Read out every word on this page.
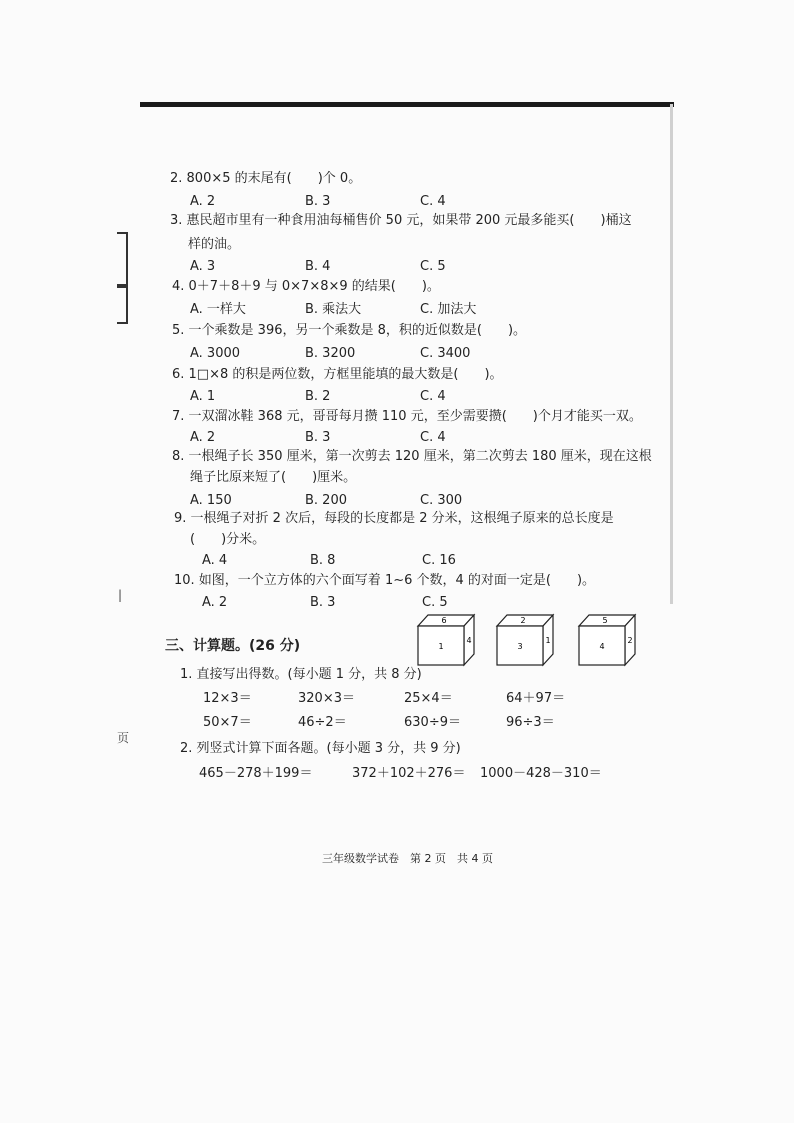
|
页
2. 800×5 的末尾有(　　)个 0。
A. 2	B. 3	C. 4
3. 惠民超市里有一种食用油每桶售价 50 元，如果带 200 元最多能买(　　)桶这
样的油。
A. 3	B. 4	C. 5
4. 0＋7＋8＋9 与 0×7×8×9 的结果(　　)。
A. 一样大	B. 乘法大	C. 加法大
5. 一个乘数是 396，另一个乘数是 8，积的近似数是(　　)。
A. 3000	B. 3200	C. 3400
6. 1□×8 的积是两位数，方框里能填的最大数是(　　)。
A. 1	B. 2	C. 4
7. 一双溜冰鞋 368 元，哥哥每月攒 110 元，至少需要攒(　　)个月才能买一双。
A. 2	B. 3	C. 4
8. 一根绳子长 350 厘米，第一次剪去 120 厘米，第二次剪去 180 厘米，现在这根
绳子比原来短了(　　)厘米。
A. 150	B. 200	C. 300
9. 一根绳子对折 2 次后，每段的长度都是 2 分米，这根绳子原来的总长度是
(　　)分米。
A. 4	B. 8	C. 16
10. 如图，一个立方体的六个面写着 1~6 个数，4 的对面一定是(　　)。
A. 2	B. 3	C. 5
6
1
4
2
3
1
5
4
2
三、计算题。(26 分)
1. 直接写出得数。(每小题 1 分，共 8 分)
12×3＝	320×3＝	25×4＝	64＋97＝
50×7＝	46÷2＝	630÷9＝	96÷3＝
2. 列竖式计算下面各题。(每小题 3 分，共 9 分)
465－278＋199＝	372＋102＋276＝ 1000－428－310＝
三年级数学试卷　第 2 页　共 4 页
